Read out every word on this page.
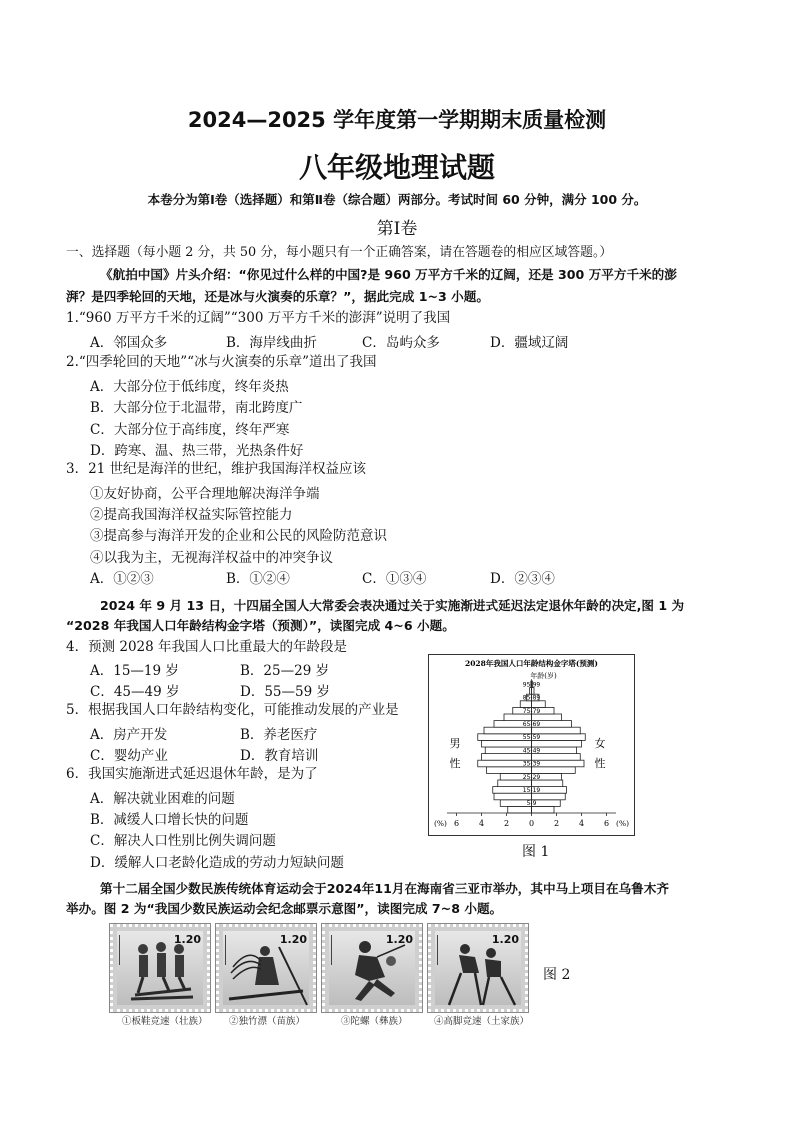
2024—2025 学年度第一学期期末质量检测
八年级地理试题
本卷分为第Ⅰ卷（选择题）和第Ⅱ卷（综合题）两部分。考试时间 60 分钟，满分 100 分。
第Ⅰ卷
一、选择题（每小题 2 分，共 50 分，每小题只有一个正确答案，请在答题卷的相应区域答题。）
《航拍中国》片头介绍：“你见过什么样的中国?是 960 万平方千米的辽阔，还是 300 万平方千米的澎
湃？是四季轮回的天地，还是冰与火演奏的乐章？”，据此完成 1~3 小题。
1.“960 万平方千米的辽阔”“300 万平方千米的澎湃”说明了我国
A．邻国众多	B．海岸线曲折	C．岛屿众多	D．疆域辽阔
2.“四季轮回的天地”“冰与火演奏的乐章”道出了我国
A．大部分位于低纬度，终年炎热
B．大部分位于北温带，南北跨度广
C．大部分位于高纬度，终年严寒
D．跨寒、温、热三带，光热条件好
3．21 世纪是海洋的世纪，维护我国海洋权益应该
①友好协商，公平合理地解决海洋争端
②提高我国海洋权益实际管控能力
③提高参与海洋开发的企业和公民的风险防范意识
④以我为主，无视海洋权益中的冲突争议
A．①②③	B．①②④	C．①③④	D．②③④
2024 年 9 月 13 日，十四届全国人大常委会表决通过关于实施渐进式延迟法定退休年龄的决定,图 1 为
“2028 年我国人口年龄结构金字塔（预测）”，读图完成 4~6 小题。
4．预测 2028 年我国人口比重最大的年龄段是
A．15—19 岁	B．25—29 岁
C．45—49 岁	D．55—59 岁
5．根据我国人口年龄结构变化，可能推动发展的产业是
A．房产开发	B．养老医疗
C．婴幼产业	D．教育培训
6．我国实施渐进式延迟退休年龄，是为了
A．解决就业困难的问题
B．减缓人口增长快的问题
C．解决人口性别比例失调问题
D．缓解人口老龄化造成的劳动力短缺问题
2028年我国人口年龄结构金字塔(预测)
年龄(岁)
5-9
15-19
25-29
35-39
45-49
55-59
65-69
75-79
85-89
95-99
6 4 2 0 2 4 6
(%)	(%)
男
性
女
性
图 1
第十二届全国少数民族传统体育运动会于2024年11月在海南省三亚市举办，其中马上项目在乌鲁木齐
举办。图 2 为“我国少数民族运动会纪念邮票示意图”，读图完成 7~8 小题。
1.20	1.20	1.20	1.20
①板鞋竞速（壮族） ②独竹漂（苗族）	③陀螺（彝族）	④高脚竞速（土家族）
图 2
